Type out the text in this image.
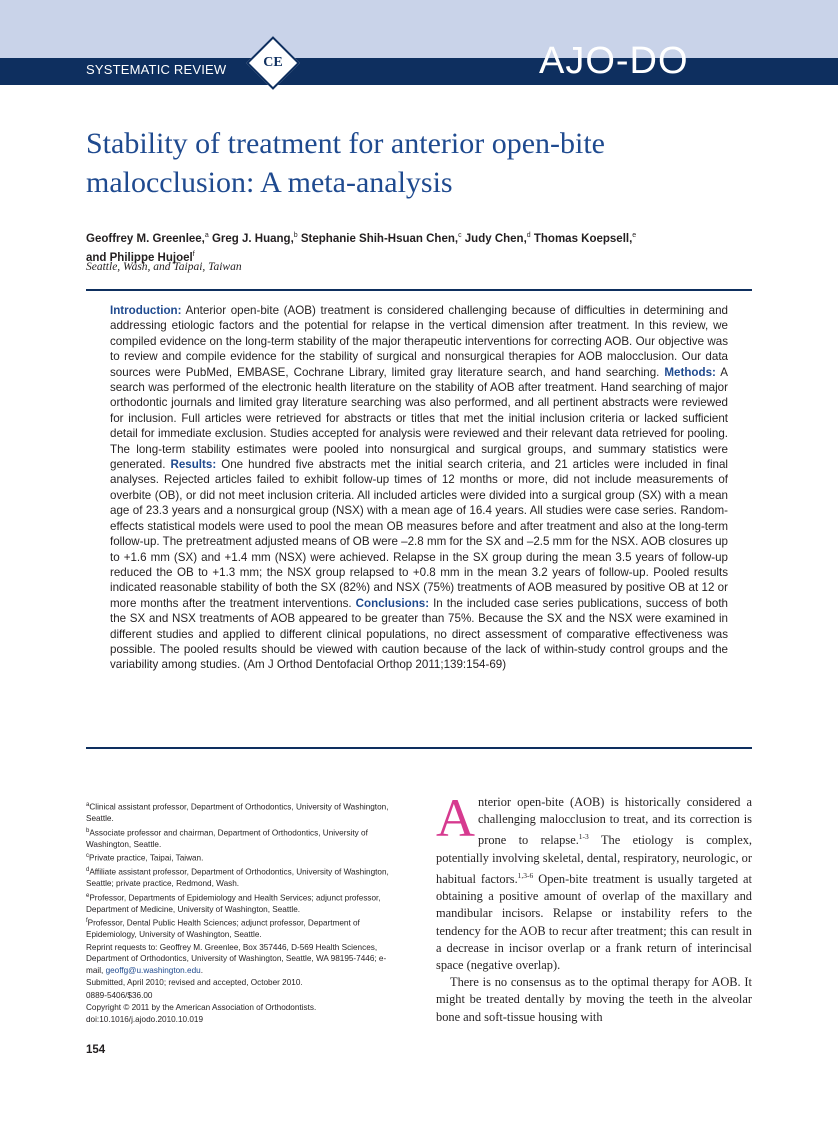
SYSTEMATIC REVIEW	CE	AJO-DO
Stability of treatment for anterior open-bite malocclusion: A meta-analysis
Geoffrey M. Greenlee,$^a$ Greg J. Huang,$^b$ Stephanie Shih-Hsuan Chen,$^c$ Judy Chen,$^d$ Thomas Koepsell,$^e$
and Philippe Hujoel$^f$
Seattle, Wash, and Taipai, Taiwan
Introduction: Anterior open-bite (AOB) treatment is considered challenging because of difficulties in determining and addressing etiologic factors and the potential for relapse in the vertical dimension after treatment. In this review, we compiled evidence on the long-term stability of the major therapeutic interventions for correcting AOB. Our objective was to review and compile evidence for the stability of surgical and nonsurgical therapies for AOB malocclusion. Our data sources were PubMed, EMBASE, Cochrane Library, limited gray literature search, and hand searching. Methods: A search was performed of the electronic health literature on the stability of AOB after treatment. Hand searching of major orthodontic journals and limited gray literature searching was also performed, and all pertinent abstracts were reviewed for inclusion. Full articles were retrieved for abstracts or titles that met the initial inclusion criteria or lacked sufficient detail for immediate exclusion. Studies accepted for analysis were reviewed and their relevant data retrieved for pooling. The long-term stability estimates were pooled into nonsurgical and surgical groups, and summary statistics were generated. Results: One hundred five abstracts met the initial search criteria, and 21 articles were included in final analyses. Rejected articles failed to exhibit follow-up times of 12 months or more, did not include measurements of overbite (OB), or did not meet inclusion criteria. All included articles were divided into a surgical group (SX) with a mean age of 23.3 years and a nonsurgical group (NSX) with a mean age of 16.4 years. All studies were case series. Random-effects statistical models were used to pool the mean OB measures before and after treatment and also at the long-term follow-up. The pretreatment adjusted means of OB were –2.8 mm for the SX and –2.5 mm for the NSX. AOB closures up to +1.6 mm (SX) and +1.4 mm (NSX) were achieved. Relapse in the SX group during the mean 3.5 years of follow-up reduced the OB to +1.3 mm; the NSX group relapsed to +0.8 mm in the mean 3.2 years of follow-up. Pooled results indicated reasonable stability of both the SX (82%) and NSX (75%) treatments of AOB measured by positive OB at 12 or more months after the treatment interventions. Conclusions: In the included case series publications, success of both the SX and NSX treatments of AOB appeared to be greater than 75%. Because the SX and the NSX were examined in different studies and applied to different clinical populations, no direct assessment of comparative effectiveness was possible. The pooled results should be viewed with caution because of the lack of within-study control groups and the variability among studies. (Am J Orthod Dentofacial Orthop 2011;139:154-69)

$^a$Clinical assistant professor, Department of Orthodontics, University of Washington, Seattle.

$^b$Associate professor and chairman, Department of Orthodontics, University of Washington, Seattle.

$^c$Private practice, Taipai, Taiwan.

$^d$Affiliate assistant professor, Department of Orthodontics, University of Washington, Seattle; private practice, Redmond, Wash.

$^e$Professor, Departments of Epidemiology and Health Services; adjunct professor, Department of Medicine, University of Washington, Seattle.

$^f$Professor, Dental Public Health Sciences; adjunct professor, Department of Epidemiology, University of Washington, Seattle.

Reprint requests to: Geoffrey M. Greenlee, Box 357446, D-569 Health Sciences, Department of Orthodontics, University of Washington, Seattle, WA 98195-7446; e-mail, geoffg@u.washington.edu.

Submitted, April 2010; revised and accepted, October 2010.

0889-5406/$36.00

Copyright © 2011 by the American Association of Orthodontists.

doi:10.1016/j.ajodo.2010.10.019

Anterior open-bite (AOB) is historically considered a challenging malocclusion to treat, and its correction is prone to relapse.$^{1-3}$ The etiology is complex, potentially involving skeletal, dental, respiratory, neurologic, or habitual factors.$^{1,3-6}$ Open-bite treatment is usually targeted at obtaining a positive amount of overlap of the maxillary and mandibular incisors. Relapse or instability refers to the tendency for the AOB to recur after treatment; this can result in a decrease in incisor overlap or a frank return of interincisal space (negative overlap).

There is no consensus as to the optimal therapy for AOB. It might be treated dentally by moving the teeth in the alveolar bone and soft-tissue housing with

154
